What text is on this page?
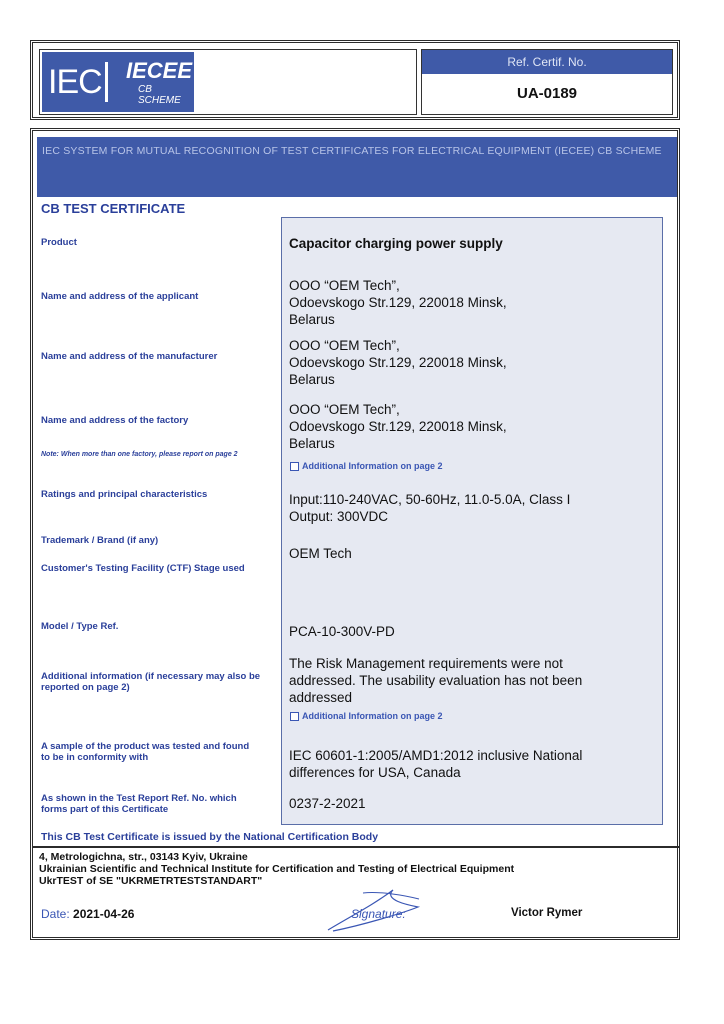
IEC IECEE
CB
SCHEME
Ref. Certif. No.
UA-0189
IEC SYSTEM FOR MUTUAL RECOGNITION OF TEST CERTIFICATES FOR ELECTRICAL EQUIPMENT (IECEE) CB SCHEME
CB TEST CERTIFICATE
Product
Name and address of the applicant
Name and address of the manufacturer
Name and address of the factory
Note: When more than one factory, please report on page 2
Ratings and principal characteristics
Trademark / Brand (if any)
Customer's Testing Facility (CTF) Stage used
Model / Type Ref.
Additional information (if necessary may also be
reported on page 2)
A sample of the product was tested and found
to be in conformity with
As shown in the Test Report Ref. No. which
forms part of this Certificate
Capacitor charging power supply
OOO “OEM Tech”,
Odoevskogo Str.129, 220018 Minsk,
Belarus
OOO “OEM Tech”,
Odoevskogo Str.129, 220018 Minsk,
Belarus
OOO “OEM Tech”,
Odoevskogo Str.129, 220018 Minsk,
Belarus
Additional Information on page 2
Input:110-240VAC, 50-60Hz, 11.0-5.0A, Class I
Output: 300VDC
OEM Tech
PCA-10-300V-PD
The Risk Management requirements were not
addressed. The usability evaluation has not been
addressed
Additional Information on page 2
IEC 60601-1:2005/AMD1:2012 inclusive National
differences for USA, Canada
0237-2-2021
This CB Test Certificate is issued by the National Certification Body
4, Metrologichna, str., 03143 Kyiv, Ukraine
Ukrainian Scientific and Technical Institute for Certification and Testing of Electrical Equipment
UkrTEST of SE "UKRMETRTESTSTANDART"
Date: 2021-04-26	Signature:	Victor Rymer
